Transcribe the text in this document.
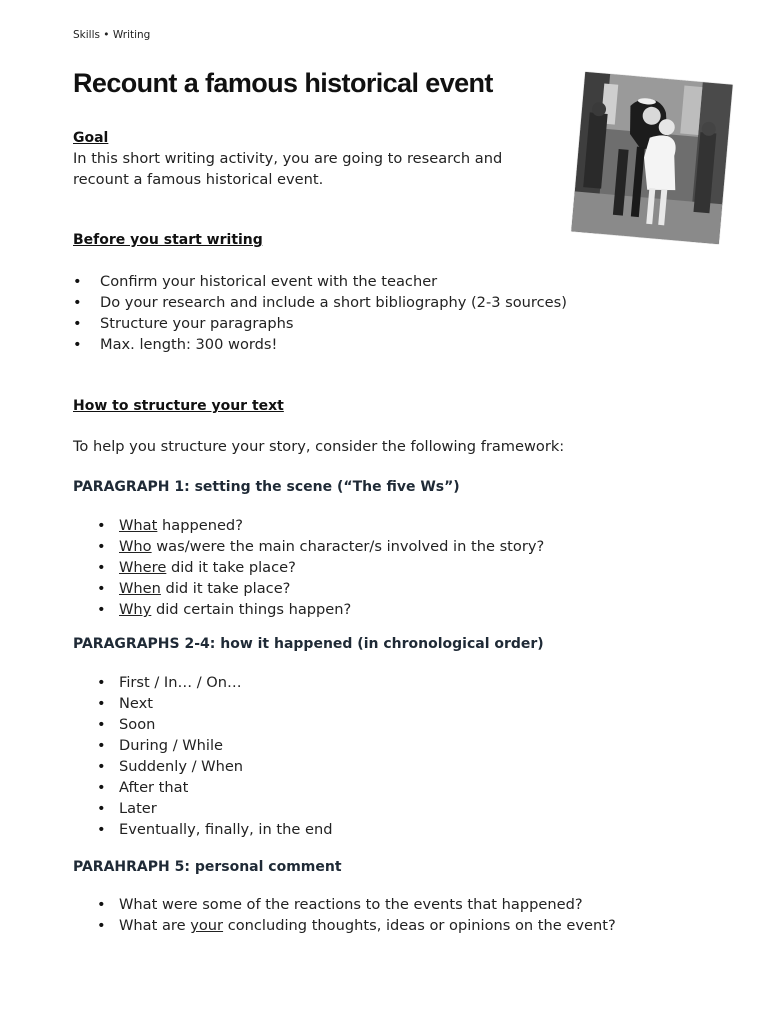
Skills • Writing
Recount a famous historical event
Goal

In this short writing activity, you are going to research and recount a famous historical event.

Before you start writing
• Confirm your historical event with the teacher
• Do your research and include a short bibliography (2-3 sources)
• Structure your paragraphs
• Max. length: 300 words!
How to structure your text

To help you structure your story, consider the following framework:

PARAGRAPH 1: setting the scene (“The five Ws”)
• What happened?
• Who was/were the main character/s involved in the story?
• Where did it take place?
• When did it take place?
• Why did certain things happen?
PARAGRAPHS 2-4: how it happened (in chronological order)
• First / In… / On…
• Next
• Soon
• During / While
• Suddenly / When
• After that
• Later
• Eventually, finally, in the end
PARAHRAPH 5: personal comment
• What were some of the reactions to the events that happened?
• What are your concluding thoughts, ideas or opinions on the event?
